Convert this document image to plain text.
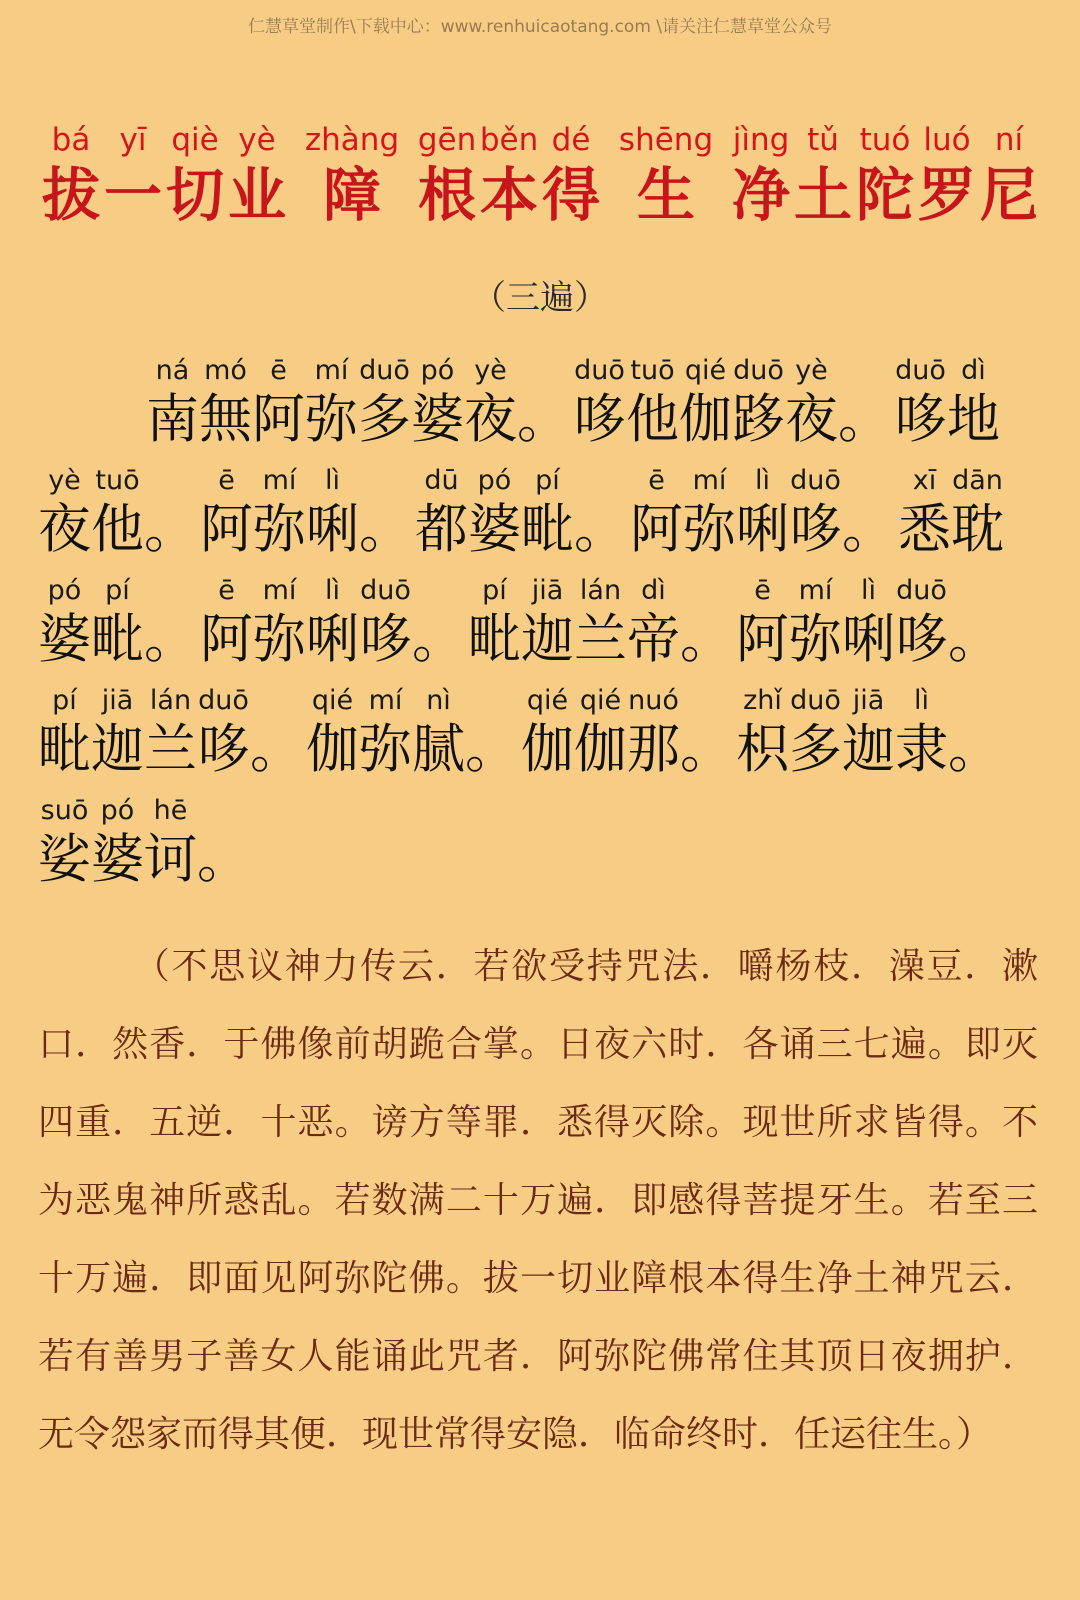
仁慧草堂制作\下载中心：www.renhuicaotang.com \请关注仁慧草堂公众号
bá
拔
yī
一
qiè
切
yè
业
zhàng
障
gēn
根
běn
本
dé
得
shēng
生
jìng
净
tǔ
土
tuó
陀
luó
罗
ní
尼
（三遍）
ná
南
mó
無
ē
阿
mí
弥
duō
多
pó
婆
yè
夜 。
duō
哆
tuō
他
qié
伽
duō
跢
yè
夜 。
duō
哆
dì
地
yè
夜
tuō
他 。
ē
阿
mí
弥
lì
唎 。
dū
都
pó
婆
pí
毗 。
ē
阿
mí
弥
lì
唎
duō
哆 。
xī
悉
dān
耽
pó
婆
pí
毗 。
ē
阿
mí
弥
lì
唎
duō
哆 。
pí
毗
jiā
迦
lán
兰
dì
帝 。
ē
阿
mí
弥
lì
唎
duō
哆 。
pí
毗
jiā
迦
lán
兰
duō
哆 。
qié
伽
mí
弥
nì
腻 。
qié
伽
qié
伽
nuó
那 。
zhǐ
枳
duō
多
jiā
迦
lì
隶 。
suō
娑
pó
婆
hē
诃 。
（不思议神力传云．若欲受持咒法．嚼杨枝．澡豆．漱口．然香．于佛像前胡跪合掌。日夜六时．各诵三七遍。即灭四重．五逆．十恶。谤方等罪．悉得灭除。现世所求皆得。不为恶鬼神所惑乱。若数满二十万遍．即感得菩提牙生。若至三十万遍．即面见阿弥陀佛。拔一切业障根本得生净土神咒云．若有善男子善女人能诵此咒者．阿弥陀佛常住其顶日夜拥护．无令怨家而得其便．现世常得安隐．临命终时．任运往生。）
